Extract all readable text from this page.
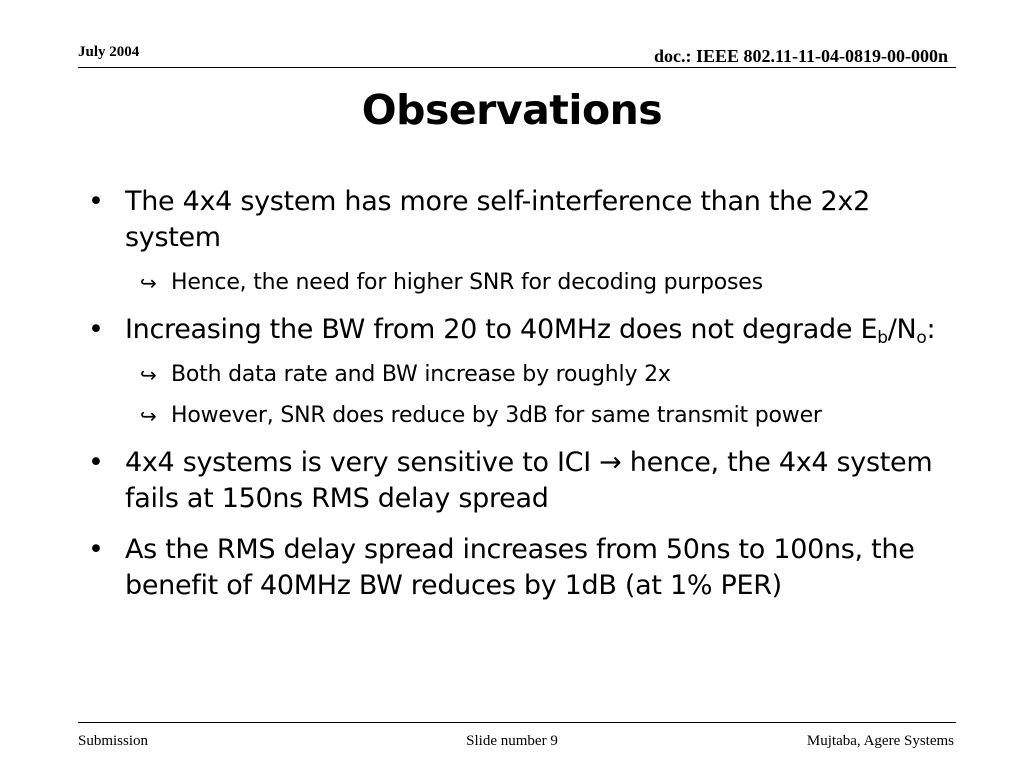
July 2004	doc.: IEEE 802.11-11-04-0819-00-000n
Observations
• The 4x4 system has more self-interference than the 2x2 system
↪ Hence, the need for higher SNR for decoding purposes
• Increasing the BW from 20 to 40MHz does not degrade $E_b/N_o$:
↪ Both data rate and BW increase by roughly 2x
↪ However, SNR does reduce by 3dB for same transmit power
• 4x4 systems is very sensitive to ICI → hence, the 4x4 system fails at 150ns RMS delay spread
• As the RMS delay spread increases from 50ns to 100ns, the benefit of 40MHz BW reduces by 1dB (at 1% PER)
Submission	Slide number 9	Mujtaba, Agere Systems
